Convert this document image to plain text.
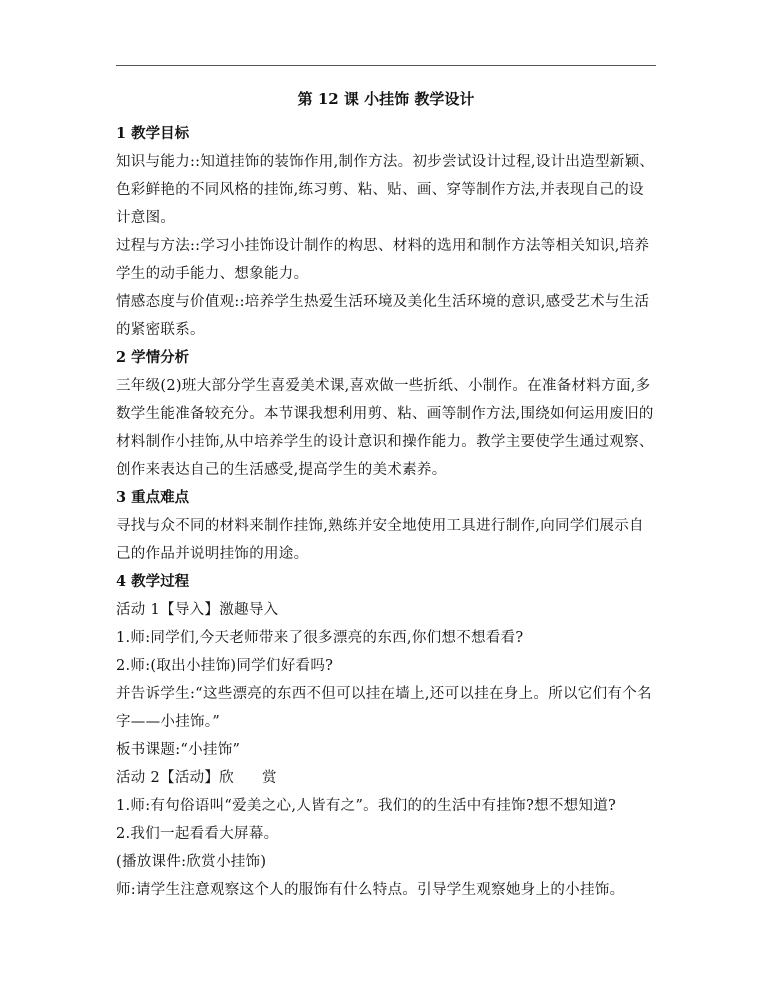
第 12 课 小挂饰 教学设计
1 教学目标

知识与能力::知道挂饰的装饰作用,制作方法。初步尝试设计过程,设计出造型新颖、色彩鲜艳的不同风格的挂饰,练习剪、粘、贴、画、穿等制作方法,并表现自己的设计意图。

过程与方法::学习小挂饰设计制作的构思、材料的选用和制作方法等相关知识,培养学生的动手能力、想象能力。

情感态度与价值观::培养学生热爱生活环境及美化生活环境的意识,感受艺术与生活的紧密联系。

2 学情分析

三年级(2)班大部分学生喜爱美术课,喜欢做一些折纸、小制作。在准备材料方面,多数学生能准备较充分。本节课我想利用剪、粘、画等制作方法,围绕如何运用废旧的材料制作小挂饰,从中培养学生的设计意识和操作能力。教学主要使学生通过观察、创作来表达自己的生活感受,提高学生的美术素养。

3 重点难点

寻找与众不同的材料来制作挂饰,熟练并安全地使用工具进行制作,向同学们展示自己的作品并说明挂饰的用途。

4 教学过程

活动 1【导入】激趣导入

1.师:同学们,今天老师带来了很多漂亮的东西,你们想不想看看?

2.师:(取出小挂饰)同学们好看吗?

并告诉学生:“这些漂亮的东西不但可以挂在墙上,还可以挂在身上。所以它们有个名字——小挂饰。”

板书课题:“小挂饰”

活动 2【活动】欣 赏

1.师:有句俗语叫“爱美之心,人皆有之”。我们的的生活中有挂饰?想不想知道?

2.我们一起看看大屏幕。

(播放课件:欣赏小挂饰)

师:请学生注意观察这个人的服饰有什么特点。引导学生观察她身上的小挂饰。
